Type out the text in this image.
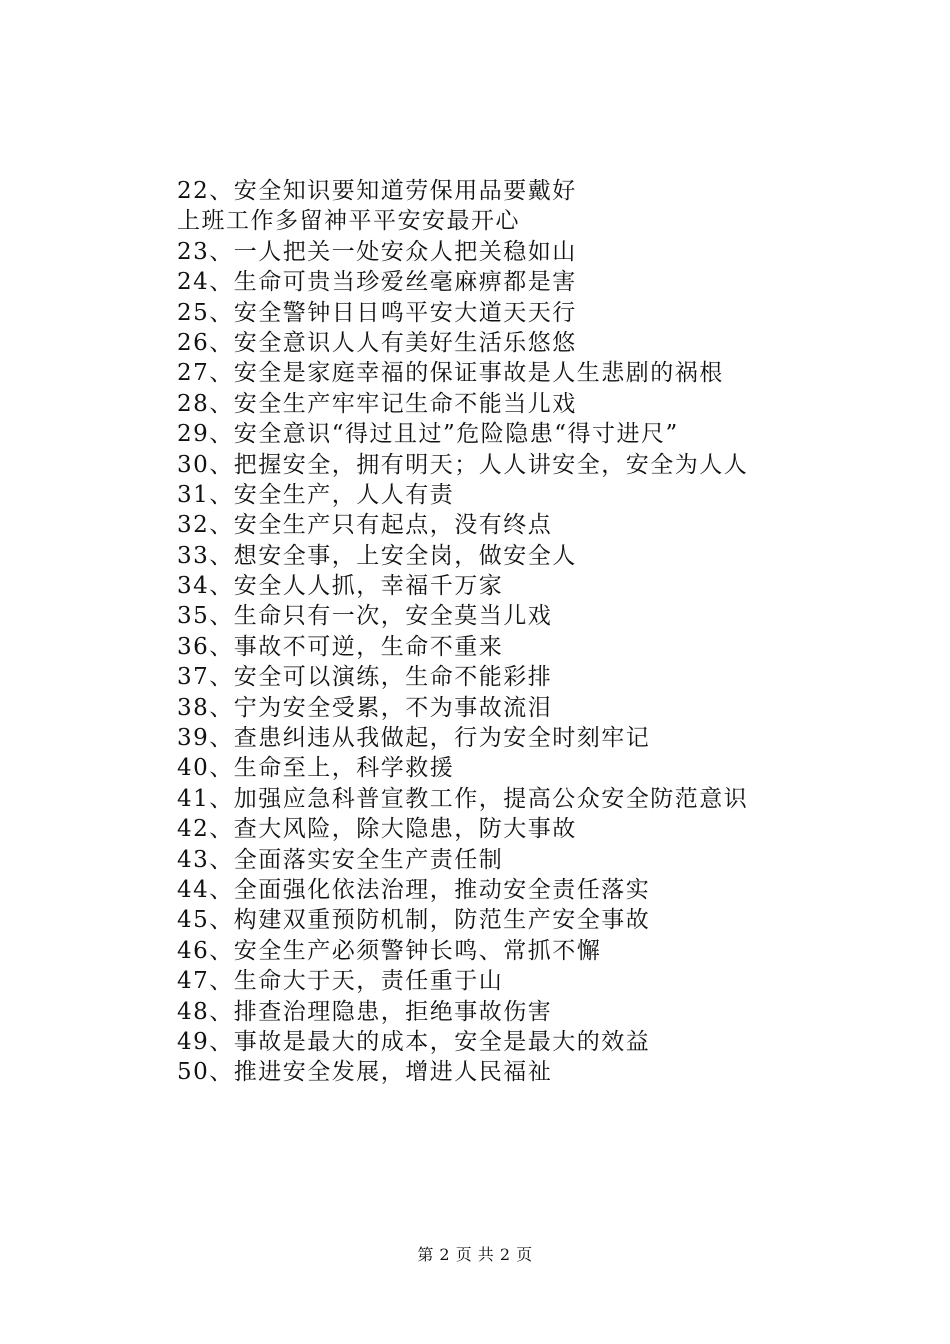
22、安全知识要知道劳保用品要戴好
上班工作多留神平平安安最开心
23、一人把关一处安众人把关稳如山
24、生命可贵当珍爱丝毫麻痹都是害
25、安全警钟日日鸣平安大道天天行
26、安全意识人人有美好生活乐悠悠
27、安全是家庭幸福的保证事故是人生悲剧的祸根
28、安全生产牢牢记生命不能当儿戏
29、安全意识“得过且过”危险隐患“得寸进尺”
30、把握安全，拥有明天；人人讲安全，安全为人人
31、安全生产，人人有责
32、安全生产只有起点，没有终点
33、想安全事，上安全岗，做安全人
34、安全人人抓，幸福千万家
35、生命只有一次，安全莫当儿戏
36、事故不可逆，生命不重来
37、安全可以演练，生命不能彩排
38、宁为安全受累，不为事故流泪
39、查患纠违从我做起，行为安全时刻牢记
40、生命至上，科学救援
41、加强应急科普宣教工作，提高公众安全防范意识
42、查大风险，除大隐患，防大事故
43、全面落实安全生产责任制
44、全面强化依法治理，推动安全责任落实
45、构建双重预防机制，防范生产安全事故
46、安全生产必须警钟长鸣、常抓不懈
47、生命大于天，责任重于山
48、排查治理隐患，拒绝事故伤害
49、事故是最大的成本，安全是最大的效益
50、推进安全发展，增进人民福祉
第 2 页 共 2 页
